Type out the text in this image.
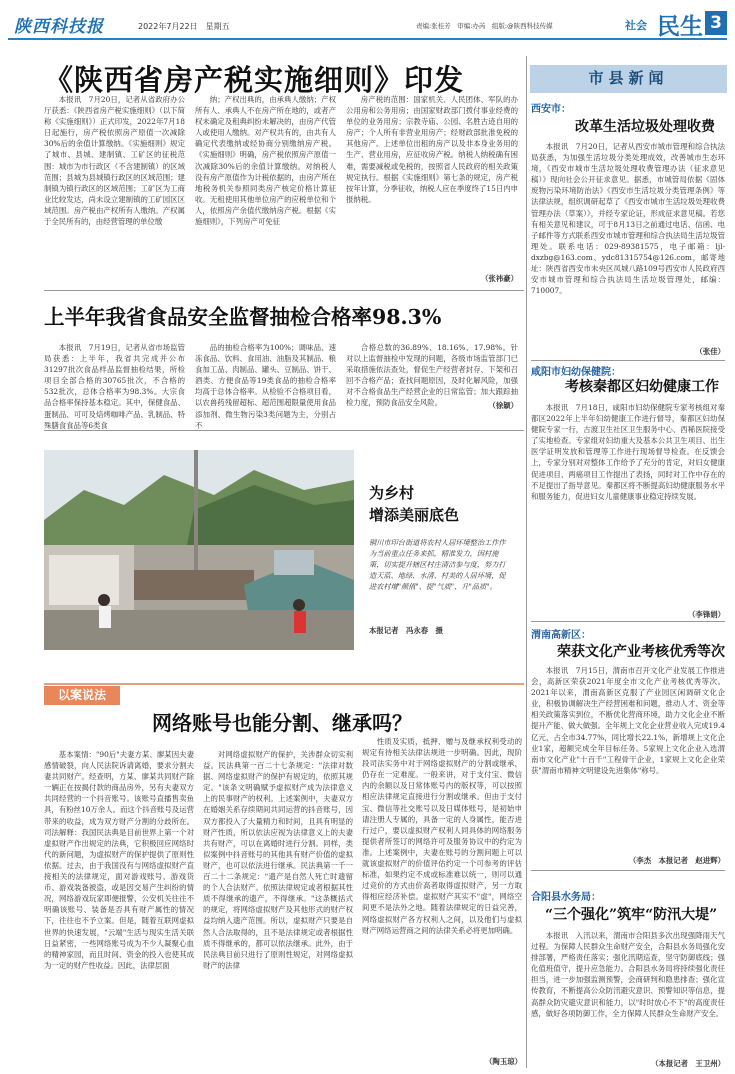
陕西科技报	2022年7月22日　星期五	责编:张桂芳　审编:办芮　组版:@陕西科技传媒	社会 民生 3
《陕西省房产税实施细则》印发

本报讯　7月20日，记者从省政府办公厅获悉：《陕西省房产税实施细则》（以下简称《实施细则》）正式印发，2022年7月18日起施行，房产税依照房产原值一次减除30%后的余值计算缴纳。《实施细则》规定了城市、县城、建制镇、工矿区的征税范围：城市为市行政区（不含建制镇）的区域范围；县城为县城镇行政区的区域范围；建制镇为镇行政区的区域范围；工矿区为工商业比较发达，尚未设立建制镇的工矿园区区域范围。房产税由产权所有人缴纳。产权属于全民所有的，由经营管理的单位缴

纳；产权出典的，由承典人缴纳；产权所有人、承典人不在房产所在地的，或者产权未确定及租典纠纷未解决的，由房产代管人或使用人缴纳。对产权共有的，由共有人确定代表缴纳或经协商分别缴纳房产税。《实施细则》明确，房产税依照房产原值一次减除30%后的余值计算缴纳。对纳税人没有房产原值作为计税依据的，由房产所在地税务机关参照同类房产核定价格计算征收。无租使用其他单位房产的应税单位和个人，依照房产余值代缴纳房产税。根据《实施细则》，下列房产可免征

房产税的范围：国家机关、人民团体、军队的办公用房和公务用房；由国家财政部门拨付事业经费的单位的业务用房；宗教寺庙、公园、名胜古迹自用的房产；个人所有非营业用房产；经财政部批准免税的其他房产。上述单位出租的房产以及非本身业务用的生产、营业用房，应征收房产税。纳税人纳税确有困难，需要减税或免税的，按照省人民政府的相关政策规定执行。根据《实施细则》第七条的规定，房产税按年计算，分季征收，纳税人应在季度终了15日内申报纳税。

（张祎豪）
上半年我省食品安全监督抽检合格率98.3%

本报讯　7月19日，记者从省市场监管局获悉：上半年，我省共完成并公布31297批次食品样品监督抽检结果，所检项目全部合格的30765批次，不合格的532批次，总体合格率为98.3%。大宗食品合格率保持基本稳定。其中，保健食品、蛋制品、可可及焙烤咖啡产品、乳制品、特殊膳食食品等6类食

品的抽检合格率为100%；调味品、速冻食品、饮料、食用油、油脂及其制品、粮食加工品、肉制品、罐头、豆制品、饼干、酒类、方便食品等19类食品的抽检合格率均高于总体合格率。从检验不合格项目看，以农兽药残留超标、超范围超限量使用食品添加剂、微生物污染3类问题为主，分别占不

合格总数的36.89%、18.16%、17.98%。针对以上监督抽检中发现的问题，各级市场监管部门已采取措施依法查处，督促生产经营者封存、下架和召回不合格产品；查找问题原因，及时化解风险，加强对不合格食品生产经营企业的日常监管；加大跟踪抽检力度，预防食品安全风险。	（徐颖）
为乡村
增添美丽底色
铜川市印台街道将农村人居环境整治工作作为当前重点任务来抓，精准发力，因村施策，切实提升辖区村庄清洁参与度，努力打造天蓝、地绿、水清、村美的人居环境，促进农村增"颜值"、提"气质"、升"品质"。
本报记者　冯永春　摄
以案说法
网络账号也能分割、继承吗？

基本案情："90后"夫妻方某、廖某因夫妻感情破裂，向人民法院诉请离婚，要求分割夫妻共同财产。经查明，方某、廖某共同财产除一辆正在按揭付款的商品房外，另有夫妻双方共同经营的一个抖音账号。该账号直播售卖鱼具，有粉丝10万余人。而这个抖音账号及运营带来的收益，成为双方财产分割的分歧所在。司法解释：我国民法典是目前世界上第一个对虚拟财产作出规定的法典，它积极回应网络时代的新问题，为虚拟财产的保护提供了原则性依据。过去，由于我国没有与网络虚拟财产直接相关的法律规定，面对游戏账号、游戏货币、游戏装备被盗，或是因交易产生纠纷的情况，网络游戏玩家即便报警，公安机关往往不明确该账号、装备是否具有财产属性的情况下，往往也不予立案。但是，随着互联网虚拟世界的快速发展，"云端"生活与现实生活关联日益紧密，一些网络账号成为不少人凝聚心血的精神家园，而且时间、资金的投入也使其成为一定的财产性收益。因此，法律层面

对网络虚拟财产的保护，关涉群众切实利益。民法典第一百二十七条规定："法律对数据、网络虚拟财产的保护有规定的，依照其规定。"该条文明确赋予虚拟财产成为法律意义上的民事财产的权利。上述案例中，夫妻双方在婚姻关系存续期间共同运营的抖音账号，因双方都投入了大量精力和时间，且具有明显的财产性质，所以依法应视为法律意义上的夫妻共有财产，可以在离婚时进行分割。同样，类似案例中抖音账号的其他具有财产价值的虚拟财产，也可以依法进行继承。民法典第一千一百二十二条规定："遗产是自然人死亡时遗留的个人合法财产。依照法律规定或者根据其性质不得继承的遗产，不得继承。"这条概括式的规定，将网络虚拟财产及其他形式的财产权益均纳入遗产范围。所以，虚拟财产只要是自然人合法取得的，且不是法律规定或者根据性质不得继承的，都可以依法继承。此外，由于民法典目前只进行了原则性规定，对网络虚拟财产的法律

性质及实质，抵押、赠与及继承权利受动的规定有待相关法律法规进一步明确。因此，现阶段司法实务中对于网络虚拟财产的分割或继承，仍存在一定难度。一般来讲，对于支付宝、微信内的余额以及日常体账号内的版权等，可以按照相应法律规定直接进行分割或继承。但由于支付宝、微信等社交账号以及日媒体账号，是初始申请注册人专属的，具备一定的人身属性，能否进行过户，要以虚拟财产权利人同具体的网络服务提供者所签订的网络许可及服务协议中的约定为准。上述案例中，夫妻在账号的分割问题上可以就该虚拟财产的价值评估约定一个可参考的评估标准，如果约定不成或标准难以统一，则可以通过竞价的方式由价高者取得虚拟财产，另一方取得相应经济补偿。虚拟财产其实不"虚"，网络空间更不是法外之地。随着法律规定的日益完善，网络虚拟财产各方权利人之间，以及他们与虚拟财产网络运营商之间的法律关系必将更加明确。

（陶玉琼）
市县新闻
西安市：
改革生活垃圾处理收费

本报讯　7月20日，记者从西安市城市管理和综合执法局获悉，为加强生活垃圾分类处理成效，改善城市生态环境，《西安市城市生活垃圾处理收费管理办法（征求意见稿）》现向社会公开征求意见。据悉，市城管局依据《固体废物污染环境防治法》《西安市生活垃圾分类管理条例》等法律法规，组织调研起草了《西安市城市生活垃圾处理收费管理办法（草案）》，并经专家论证，形成征求意见稿。若您有相关意见和建议，可于8月13日之前通过电话、信函、电子邮件等方式联系西安市城市管理和综合执法局生活垃圾管理处。联系电话：029-89381575，电子邮箱：ljl-dxzbg@163.com、ydc81315754@126.com，邮寄地址：陕西省西安市未央区凤城八路109号西安市人民政府西安市城市管理和综合执法局生活垃圾管理处，邮编：710007。

（张佳）
咸阳市妇幼保健院：
考核秦都区妇幼健康工作

本报讯　7月18日，咸阳市妇幼保健院专家考核组对秦都区2022年上半年妇幼健康工作进行督导，秦都区妇幼保健院专家一行，古渡卫生社区卫生服务中心、西稀医院接受了实地检查。专家组对妇幼重大及基本公共卫生项目、出生医学证明发放和管理等工作进行现场督导检查。在反馈会上，专家分别对对整体工作给予了充分的肯定，对妇女健康促进项目、两癌项目工作提出了表扬，同时对工作中存在的不足提出了指导意见。秦都区将不断提高妇幼健康服务水平和服务能力，促进妇女儿童健康事业稳定持续发展。

（李锋娟）
渭南高新区：
荣获文化产业考核优秀等次

本报讯　7月15日，渭南市召开文化产业发展工作推进会，高新区荣获2021年度全市文化产业考核优秀等次。2021年以来，渭南高新区克服了产业园区闲调研文化企业，积极协调解决生产经营困难和问题，推动人才、资金等相关政策落实到位，不断优化营商环境，助力文化企业不断提升产能、做大做强。全年规上文化企业营业收入完成19.4亿元，占全市34.77%，同比增长22.1%，新增规上文化企业1家，超额完成全年目标任务。5家规上文化企业入选渭南市文化产业"十百千"工程骨干企业，1家规上文化企业荣获"渭南市精神文明建设先进集体"称号。

（李杰　本报记者　赵进辉）
合阳县水务局：
“三个强化”筑牢“防汛大堤”

本报讯　入汛以来，渭南市合阳县多次出现强降雨天气过程。为保障人民群众生命财产安全，合阳县水务局强化安排部署，严格责任落实；强化汛期巡查，坚守防御底线；强化值班值守，提升应急能力。合阳县水务局将持续强化责任担当，进一步加强监测预警，会商研判和隐患排查；强化宣传教育，不断提高公众防汛避灾意识、预警知识等信息，提高群众防灾避灾意识和能力，以"时时放心不下"的高度责任感，做好各项防御工作，全力保障人民群众生命财产安全。

（本报记者　王卫州）
